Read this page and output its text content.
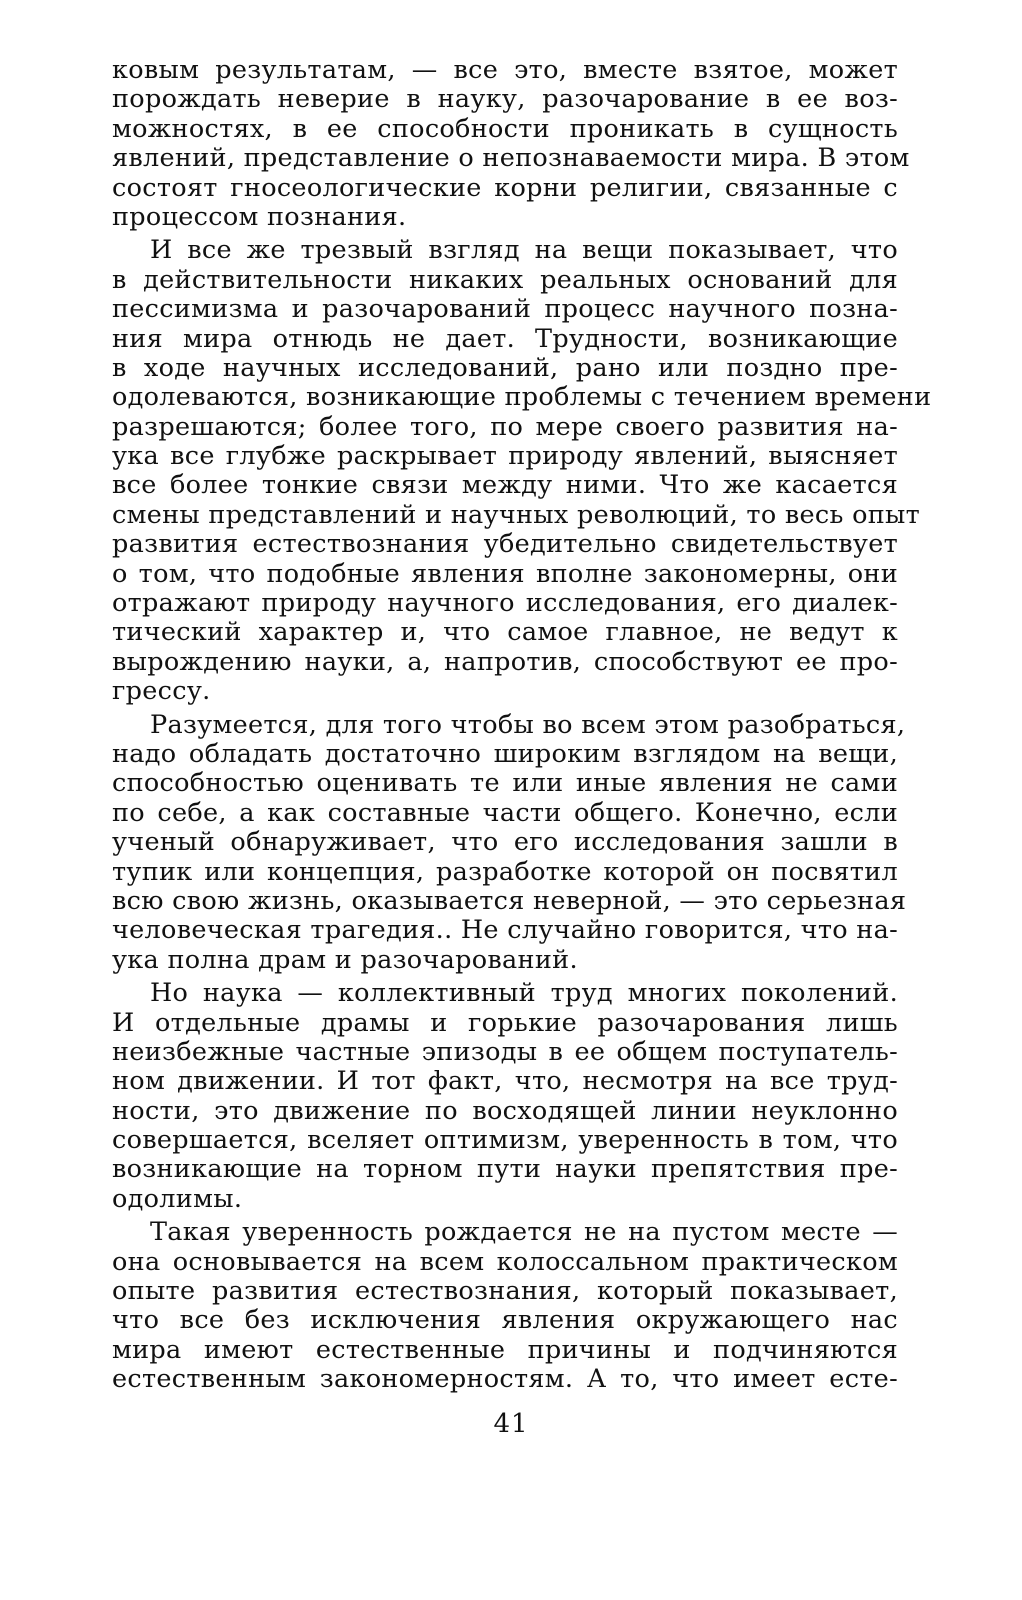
ковым результатам, — все это, вместе взятое, может
порождать неверие в науку, разочарование в ее воз-
можностях, в ее способности проникать в сущность
явлений, представление о непознаваемости мира. В этом
состоят гносеологические корни религии, связанные с
процессом познания.
И все же трезвый взгляд на вещи показывает, что
в действительности никаких реальных оснований для
пессимизма и разочарований процесс научного позна-
ния мира отнюдь не дает. Трудности, возникающие
в ходе научных исследований, рано или поздно пре-
одолеваются, возникающие проблемы с течением времени
разрешаются; более того, по мере своего развития на-
ука все глубже раскрывает природу явлений, выясняет
все более тонкие связи между ними. Что же касается
смены представлений и научных революций, то весь опыт
развития естествознания убедительно свидетельствует
о том, что подобные явления вполне закономерны, они
отражают природу научного исследования, его диалек-
тический характер и, что самое главное, не ведут к
вырождению науки, а, напротив, способствуют ее про-
грессу.
Разумеется, для того чтобы во всем этом разобраться,
надо обладать достаточно широким взглядом на вещи,
способностью оценивать те или иные явления не сами
по себе, а как составные части общего. Конечно, если
ученый обнаруживает, что его исследования зашли в
тупик или концепция, разработке которой он посвятил
всю свою жизнь, оказывается неверной, — это серьезная
человеческая трагедия.. Не случайно говорится, что на-
ука полна драм и разочарований.
Но наука — коллективный труд многих поколений.
И отдельные драмы и горькие разочарования лишь
неизбежные частные эпизоды в ее общем поступатель-
ном движении. И тот факт, что, несмотря на все труд-
ности, это движение по восходящей линии неуклонно
совершается, вселяет оптимизм, уверенность в том, что
возникающие на торном пути науки препятствия пре-
одолимы.
Такая уверенность рождается не на пустом месте —
она основывается на всем колоссальном практическом
опыте развития естествознания, который показывает,
что все без исключения явления окружающего нас
мира имеют естественные причины и подчиняются
естественным закономерностям. А то, что имеет есте-
41
